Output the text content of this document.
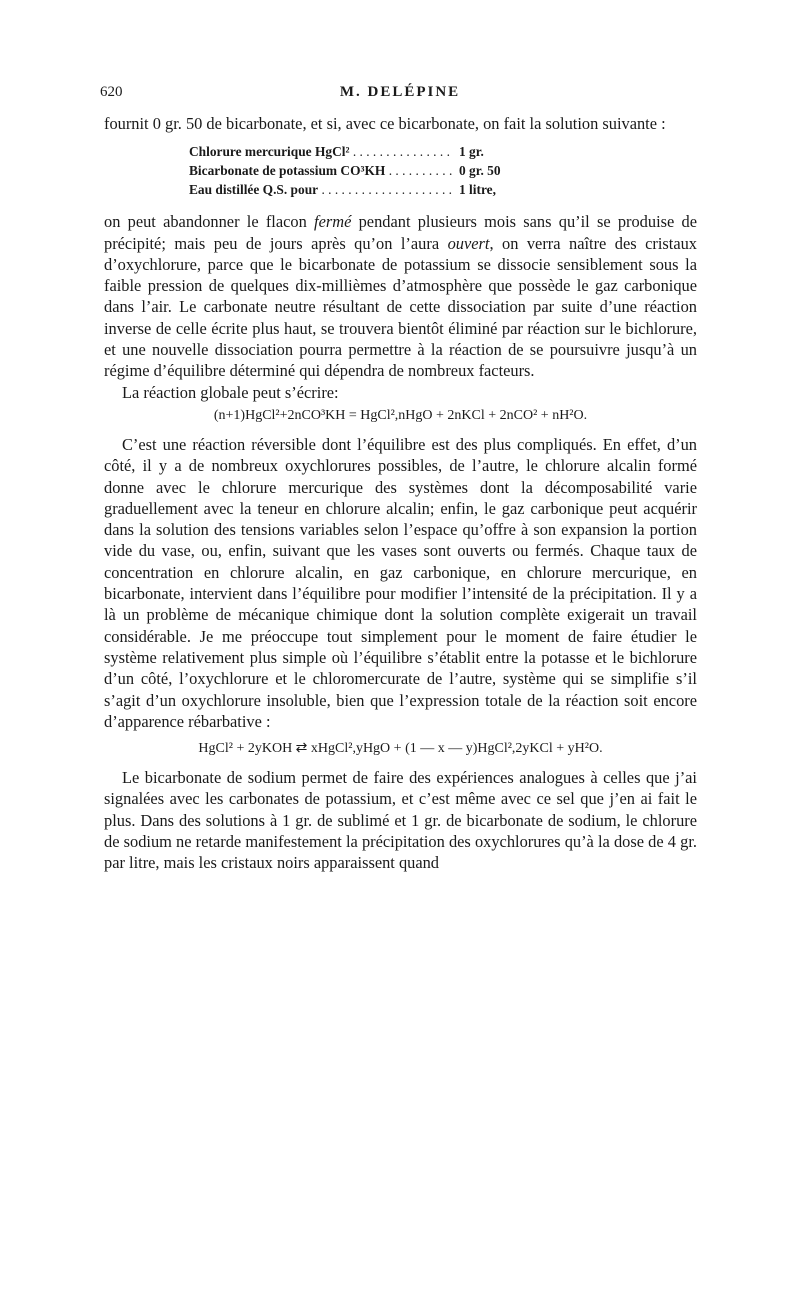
620	M. DELÉPINE

fournit 0 gr. 50 de bicarbonate, et si, avec ce bicarbonate, on fait la solution suivante :

Chlorure mercurique HgCl² . . .	1 gr.
Bicarbonate de potassium CO³KH . . .	0 gr. 50
Eau distillée Q.S. pour . . .	1 litre,

on peut abandonner le flacon fermé pendant plusieurs mois sans qu’il se produise de précipité; mais peu de jours après qu’on l’aura ouvert, on verra naître des cristaux d’oxychlorure, parce que le bicarbonate de potassium se dissocie sensiblement sous la faible pression de quelques dix-millièmes d’atmosphère que possède le gaz carbonique dans l’air. Le carbonate neutre résultant de cette dissociation par suite d’une réaction inverse de celle écrite plus haut, se trouvera bientôt éliminé par réaction sur le bichlorure, et une nouvelle dissociation pourra permettre à la réaction de se poursuivre jusqu’à un régime d’équilibre déterminé qui dépendra de nombreux facteurs.

La réaction globale peut s’écrire:

(n+1)HgCl²+2nCO³KH = HgCl²,nHgO + 2nKCl + 2nCO² + nH²O.

C’est une réaction réversible dont l’équilibre est des plus compliqués. En effet, d’un côté, il y a de nombreux oxychlorures possibles, de l’autre, le chlorure alcalin formé donne avec le chlorure mercurique des systèmes dont la décomposabilité varie graduellement avec la teneur en chlorure alcalin; enfin, le gaz carbonique peut acquérir dans la solution des tensions variables selon l’espace qu’offre à son expansion la portion vide du vase, ou, enfin, suivant que les vases sont ouverts ou fermés. Chaque taux de concentration en chlorure alcalin, en gaz carbonique, en chlorure mercurique, en bicarbonate, intervient dans l’équilibre pour modifier l’intensité de la précipitation. Il y a là un problème de mécanique chimique dont la solution complète exigerait un travail considérable. Je me préoccupe tout simplement pour le moment de faire étudier le système relativement plus simple où l’équilibre s’établit entre la potasse et le bichlorure d’un côté, l’oxychlorure et le chloromercurate de l’autre, système qui se simplifie s’il s’agit d’un oxychlorure insoluble, bien que l’expression totale de la réaction soit encore d’apparence rébarbative :

HgCl² + 2yKOH ⇄ xHgCl²,yHgO + (1 — x — y)HgCl²,2yKCl + yH²O.

Le bicarbonate de sodium permet de faire des expériences analogues à celles que j’ai signalées avec les carbonates de potassium, et c’est même avec ce sel que j’en ai fait le plus. Dans des solutions à 1 gr. de sublimé et 1 gr. de bicarbonate de sodium, le chlorure de sodium ne retarde manifestement la précipitation des oxychlorures qu’à la dose de 4 gr. par litre, mais les cristaux noirs apparaissent quand
